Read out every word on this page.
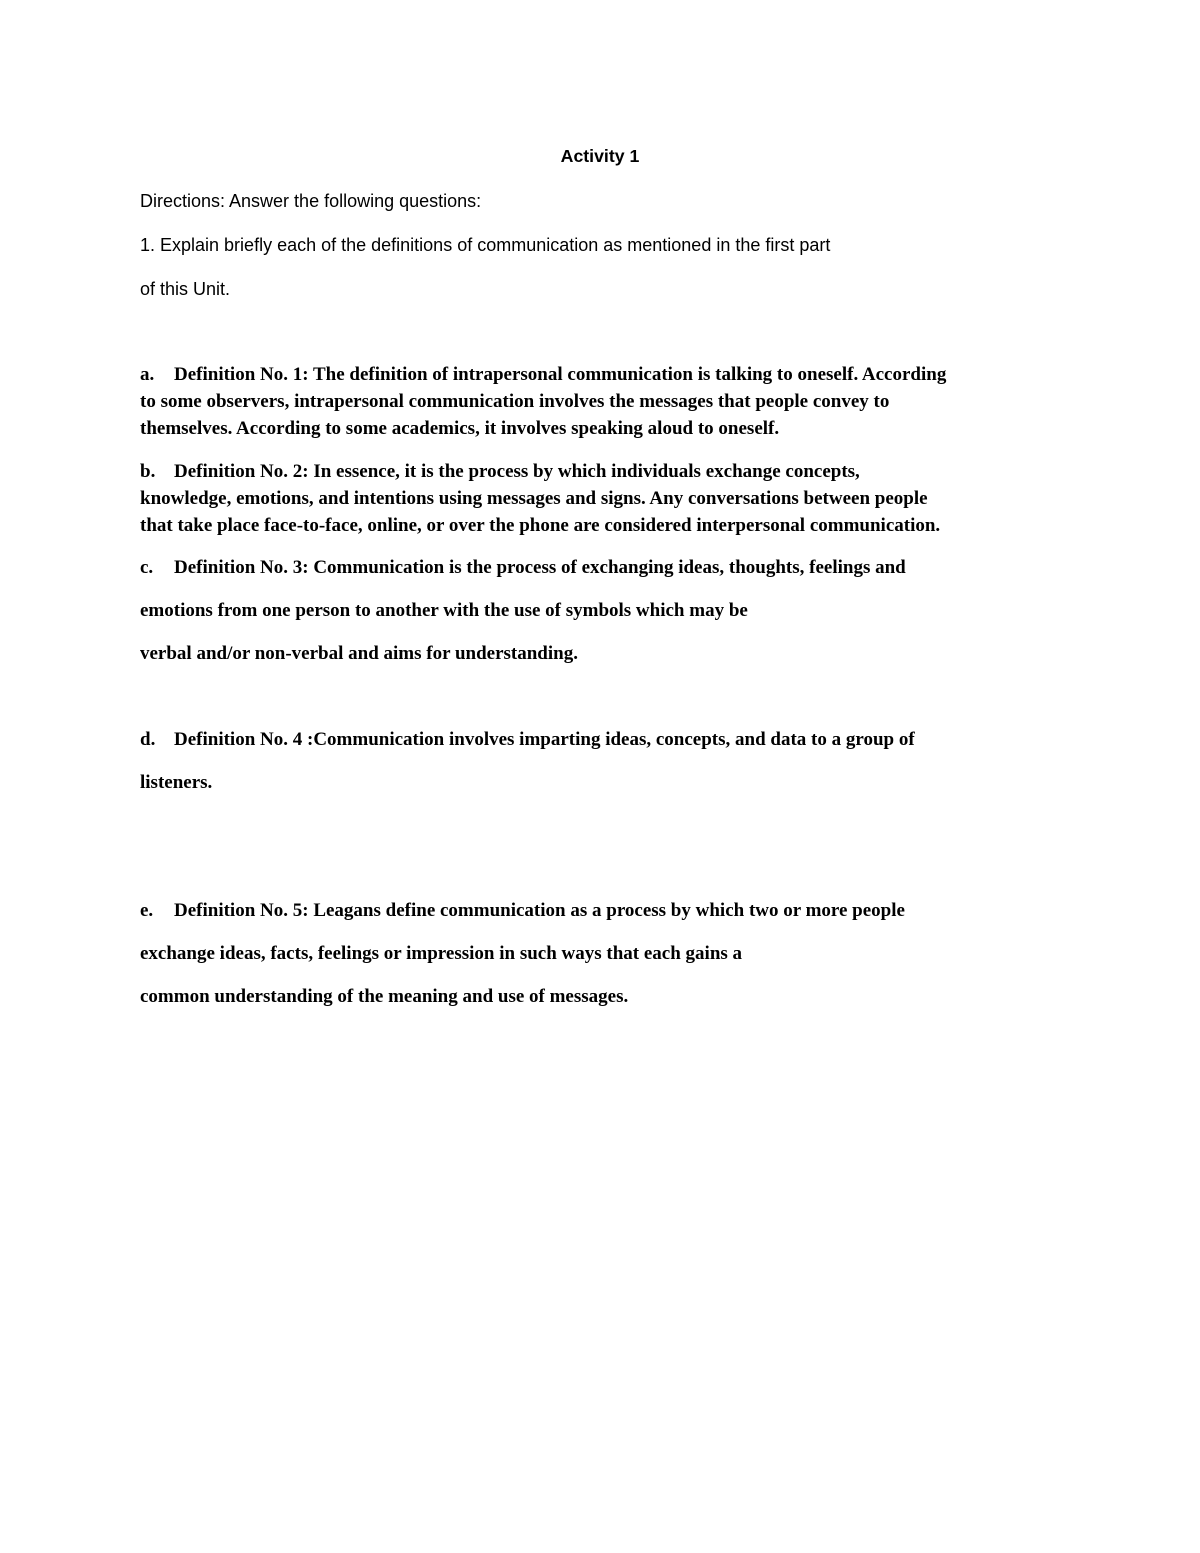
Activity 1
Directions: Answer the following questions:
1. Explain briefly each of the definitions of communication as mentioned in the first part
of this Unit.
a. Definition No. 1: The definition of intrapersonal communication is talking to oneself. According
to some observers, intrapersonal communication involves the messages that people convey to
themselves. According to some academics, it involves speaking aloud to oneself.
b. Definition No. 2: In essence, it is the process by which individuals exchange concepts,
knowledge, emotions, and intentions using messages and signs. Any conversations between people
that take place face-to-face, online, or over the phone are considered interpersonal communication.
c. Definition No. 3: Communication is the process of exchanging ideas, thoughts, feelings and
emotions from one person to another with the use of symbols which may be
verbal and/or non-verbal and aims for understanding.
d. Definition No. 4 :Communication involves imparting ideas, concepts, and data to a group of
listeners.
e. Definition No. 5: Leagans define communication as a process by which two or more people
exchange ideas, facts, feelings or impression in such ways that each gains a
common understanding of the meaning and use of messages.
